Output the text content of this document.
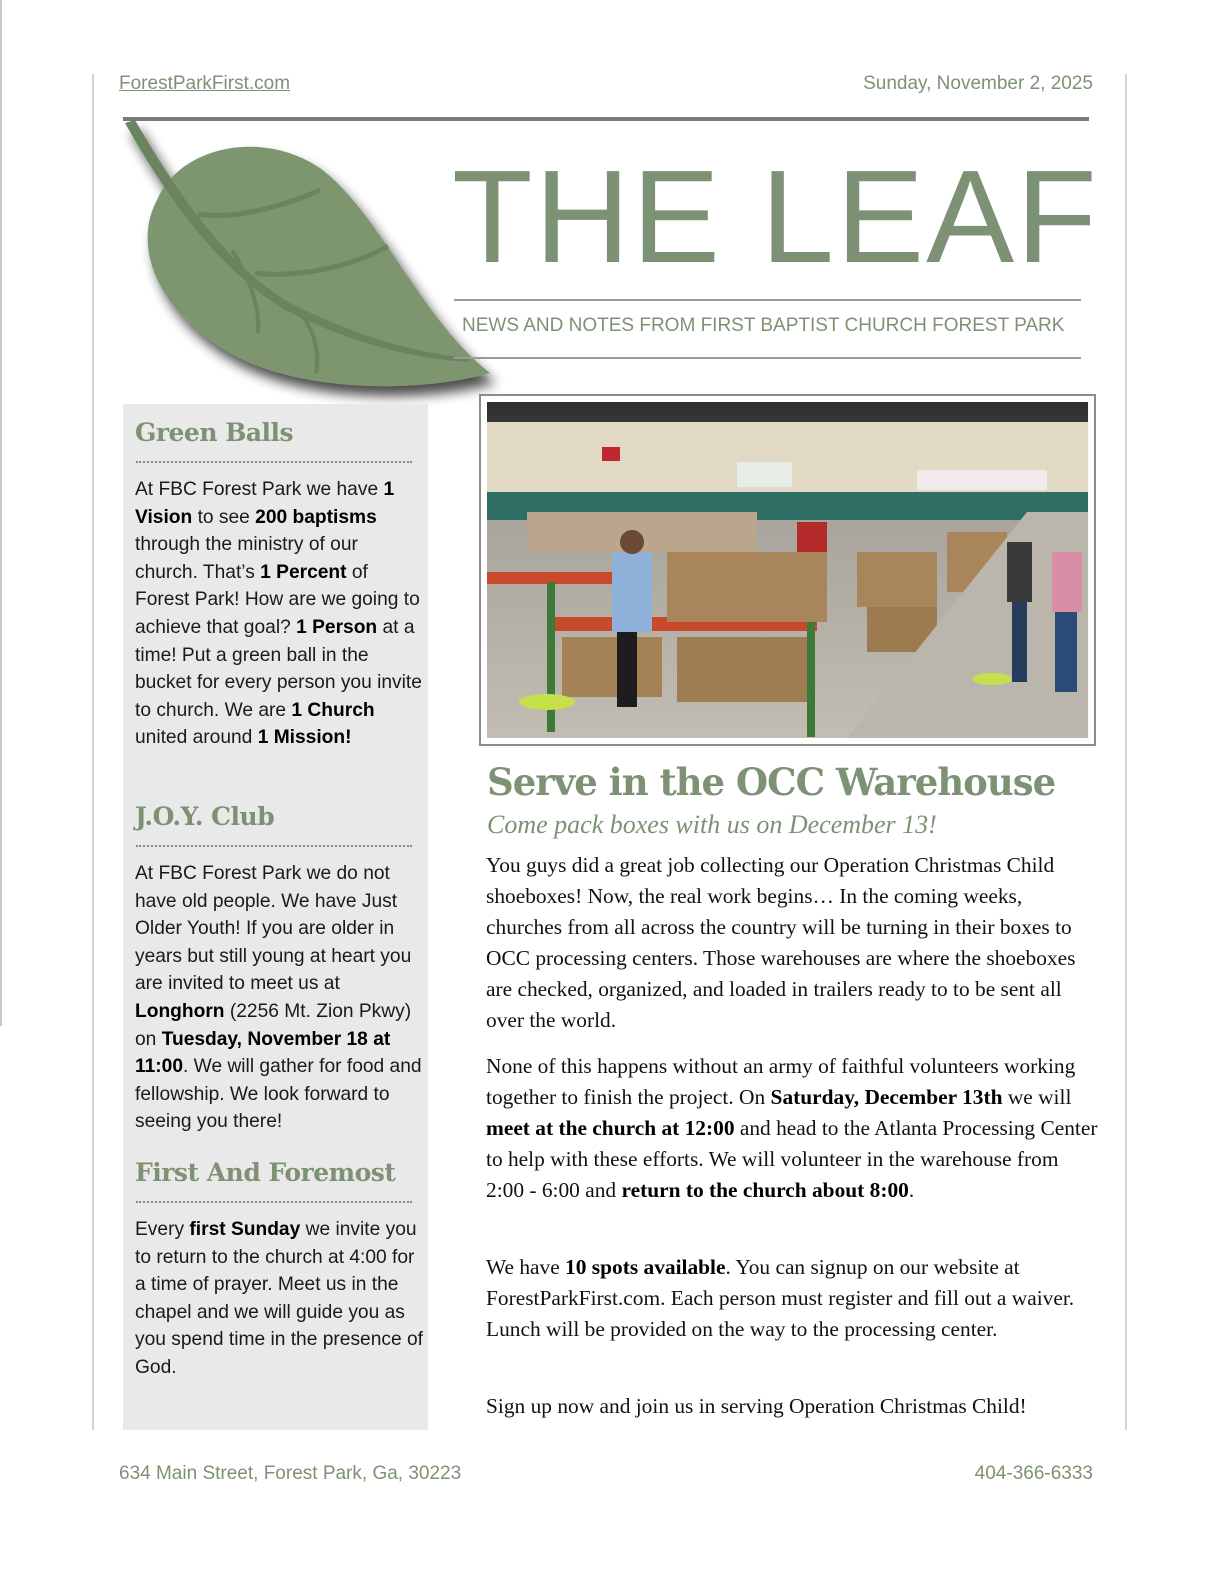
ForestParkFirst.com	Sunday, November 2, 2025
THE LEAF
NEWS AND NOTES FROM FIRST BAPTIST CHURCH FOREST PARK
Green Balls
At FBC Forest Park we have 1 Vision to see 200 baptisms through the ministry of our church. That’s 1 Percent of Forest Park! How are we going to achieve that goal? 1 Person at a time! Put a green ball in the bucket for every person you invite to church. We are 1 Church united around 1 Mission!
J.O.Y. Club
At FBC Forest Park we do not have old people. We have Just Older Youth! If you are older in years but still young at heart you are invited to meet us at Longhorn (2256 Mt. Zion Pkwy) on Tuesday, November 18 at 11:00. We will gather for food and fellowship. We look forward to seeing you there!
First And Foremost
Every first Sunday we invite you to return to the church at 4:00 for a time of prayer. Meet us in the chapel and we will guide you as you spend time in the presence of God.
Serve in the OCC Warehouse
Come pack boxes with us on December 13!
You guys did a great job collecting our Operation Christmas Child shoeboxes! Now, the real work begins… In the coming weeks, churches from all across the country will be turning in their boxes to OCC processing centers. Those warehouses are where the shoeboxes are checked, organized, and loaded in trailers ready to to be sent all over the world.
None of this happens without an army of faithful volunteers working together to finish the project. On Saturday, December 13th we will meet at the church at 12:00 and head to the Atlanta Processing Center to help with these efforts. We will volunteer in the warehouse from 2:00 - 6:00 and return to the church about 8:00.
We have 10 spots available. You can signup on our website at ForestParkFirst.com. Each person must register and fill out a waiver. Lunch will be provided on the way to the processing center.
Sign up now and join us in serving Operation Christmas Child!
634 Main Street, Forest Park, Ga, 30223	404-366-6333
